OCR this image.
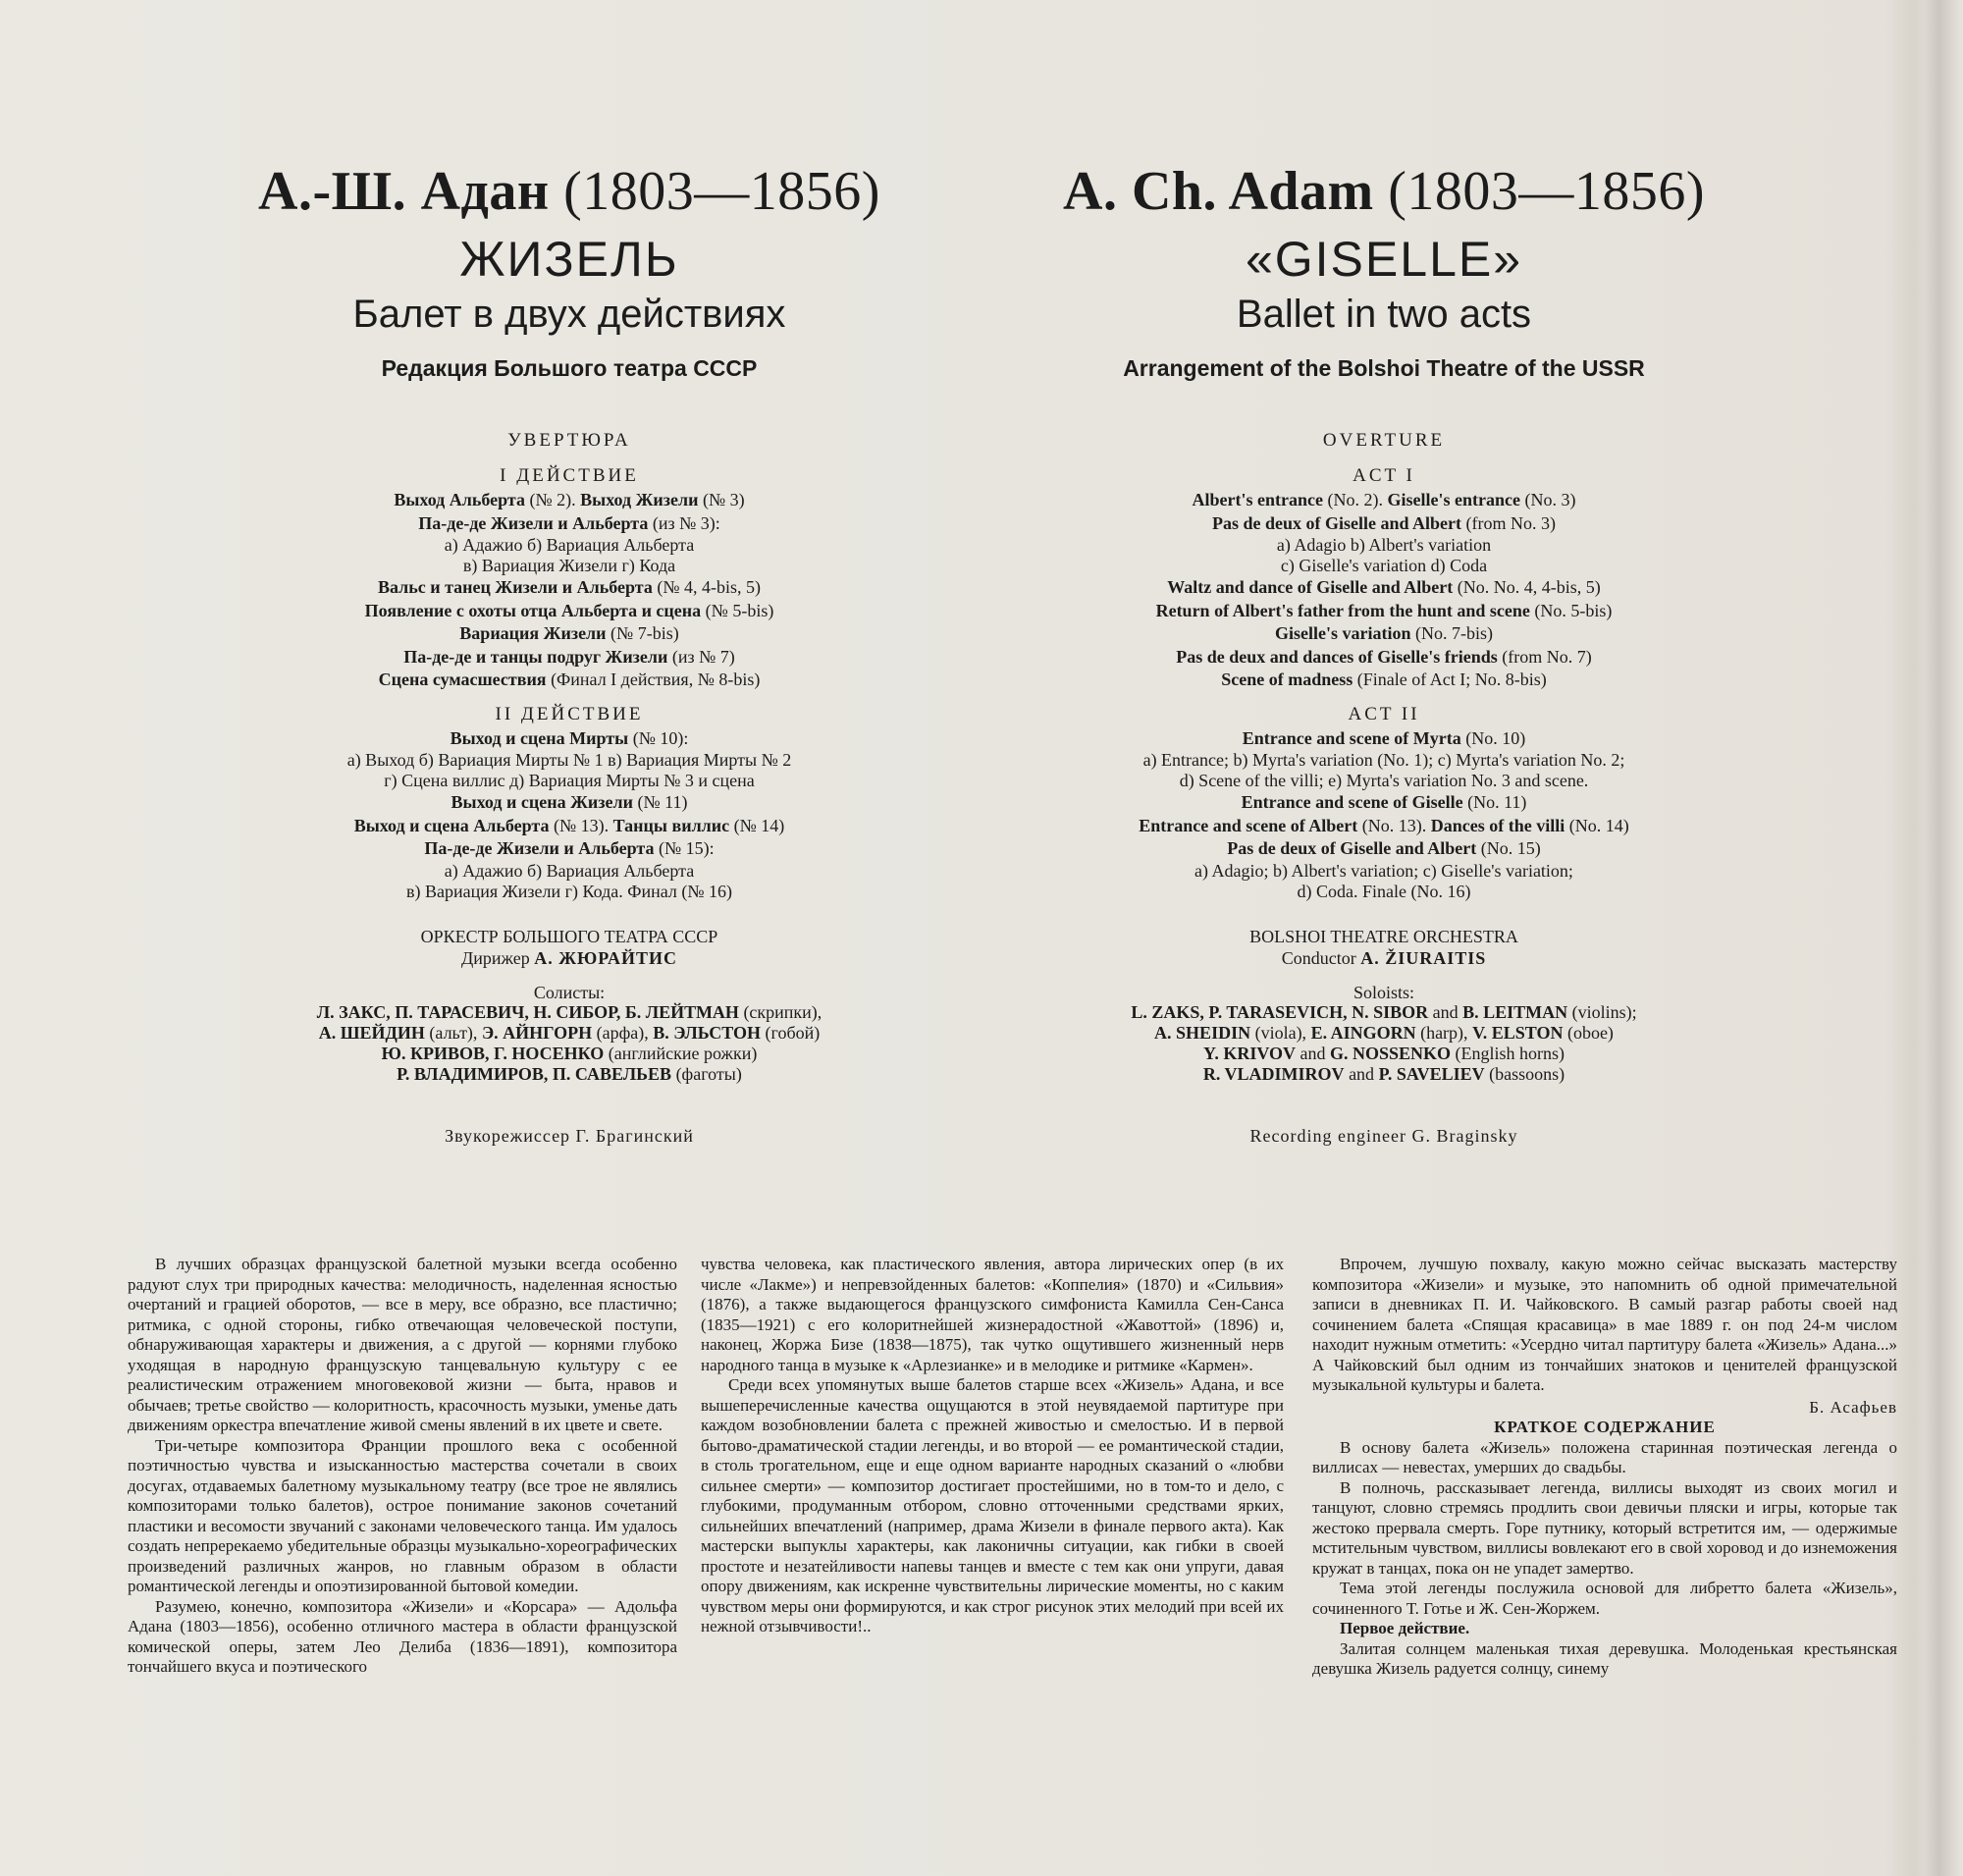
А.-Ш. Адан (1803—1856)
ЖИЗЕЛЬ
Балет в двух действиях
Редакция Большого театра СССР
УВЕРТЮРА
I ДЕЙСТВИЕ
Выход Альберта (№ 2). Выход Жизели (№ 3)
Па-де-де Жизели и Альберта (из № 3):
а) Адажио б) Вариация Альберта
в) Вариация Жизели г) Кода
Вальс и танец Жизели и Альберта (№ 4, 4-bis, 5)
Появление с охоты отца Альберта и сцена (№ 5-bis)
Вариация Жизели (№ 7-bis)
Па-де-де и танцы подруг Жизели (из № 7)
Сцена сумасшествия (Финал I действия, № 8-bis)
II ДЕЙСТВИЕ
Выход и сцена Мирты (№ 10):
а) Выход б) Вариация Мирты № 1 в) Вариация Мирты № 2
г) Сцена виллис д) Вариация Мирты № 3 и сцена
Выход и сцена Жизели (№ 11)
Выход и сцена Альберта (№ 13). Танцы виллис (№ 14)
Па-де-де Жизели и Альберта (№ 15):
а) Адажио б) Вариация Альберта
в) Вариация Жизели г) Кода. Финал (№ 16)
ОРКЕСТР БОЛЬШОГО ТЕАТРА СССР
Дирижер А. ЖЮРАЙТИС
Солисты:
Л. ЗАКС, П. ТАРАСЕВИЧ, Н. СИБОР, Б. ЛЕЙТМАН (скрипки),
А. ШЕЙДИН (альт), Э. АЙНГОРН (арфа), В. ЭЛЬСТОН (гобой)
Ю. КРИВОВ, Г. НОСЕНКО (английские рожки)
Р. ВЛАДИМИРОВ, П. САВЕЛЬЕВ (фаготы)
Звукорежиссер Г. Брагинский
A. Ch. Adam (1803—1856)
«GISELLE»
Ballet in two acts
Arrangement of the Bolshoi Theatre of the USSR
OVERTURE
ACT I
Albert's entrance (No. 2). Giselle's entrance (No. 3)
Pas de deux of Giselle and Albert (from No. 3)
a) Adagio b) Albert's variation
c) Giselle's variation d) Coda
Waltz and dance of Giselle and Albert (No. No. 4, 4-bis, 5)
Return of Albert's father from the hunt and scene (No. 5-bis)
Giselle's variation (No. 7-bis)
Pas de deux and dances of Giselle's friends (from No. 7)
Scene of madness (Finale of Act I; No. 8-bis)
ACT II
Entrance and scene of Myrta (No. 10)
a) Entrance; b) Myrta's variation (No. 1); c) Myrta's variation No. 2;
d) Scene of the villi; e) Myrta's variation No. 3 and scene.
Entrance and scene of Giselle (No. 11)
Entrance and scene of Albert (No. 13). Dances of the villi (No. 14)
Pas de deux of Giselle and Albert (No. 15)
a) Adagio; b) Albert's variation; c) Giselle's variation;
d) Coda. Finale (No. 16)
BOLSHOI THEATRE ORCHESTRA
Conductor A. ŽIURAITIS
Soloists:
L. ZAKS, P. TARASEVICH, N. SIBOR and B. LEITMAN (violins);
A. SHEIDIN (viola), E. AINGORN (harp), V. ELSTON (oboe)
Y. KRIVOV and G. NOSSENKO (English horns)
R. VLADIMIROV and P. SAVELIEV (bassoons)
Recording engineer G. Braginsky

В лучших образцах французской балетной музыки всегда особенно радуют слух три природных качества: мелодичность, наделенная ясностью очертаний и грацией оборотов, — все в меру, все образно, все пластично; ритмика, с одной стороны, гибко отвечающая человеческой поступи, обнаруживающая характеры и движения, а с другой — корнями глубоко уходящая в народную французскую танцевальную культуру с ее реалистическим отражением многовековой жизни — быта, нравов и обычаев; третье свойство — колоритность, красочность музыки, уменье дать движениям оркестра впечатление живой смены явлений в их цвете и свете.

Три-четыре композитора Франции прошлого века с особенной поэтичностью чувства и изысканностью мастерства сочетали в своих досугах, отдаваемых балетному музыкальному театру (все трое не являлись композиторами только балетов), острое понимание законов сочетаний пластики и весомости звучаний с законами человеческого танца. Им удалось создать непререкаемо убедительные образцы музыкально-хореографических произведений различных жанров, но главным образом в области романтической легенды и опоэтизированной бытовой комедии.

Разумею, конечно, композитора «Жизели» и «Корсара» — Адольфа Адана (1803—1856), особенно отличного мастера в области французской комической оперы, затем Лео Делиба (1836—1891), композитора тончайшего вкуса и поэтического

чувства человека, как пластического явления, автора лирических опер (в их числе «Лакме») и непревзойденных балетов: «Коппелия» (1870) и «Сильвия» (1876), а также выдающегося французского симфониста Камилла Сен-Санса (1835—1921) с его колоритнейшей жизнерадостной «Жавоттой» (1896) и, наконец, Жоржа Бизе (1838—1875), так чутко ощутившего жизненный нерв народного танца в музыке к «Арлезианке» и в мелодике и ритмике «Кармен».

Среди всех упомянутых выше балетов старше всех «Жизель» Адана, и все вышеперечисленные качества ощущаются в этой неувядаемой партитуре при каждом возобновлении балета с прежней живостью и смелостью. И в первой бытово-драматической стадии легенды, и во второй — ее романтической стадии, в столь трогательном, еще и еще одном варианте народных сказаний о «любви сильнее смерти» — композитор достигает простейшими, но в том-то и дело, с глубокими, продуманным отбором, словно отточенными средствами ярких, сильнейших впечатлений (например, драма Жизели в финале первого акта). Как мастерски выпуклы характеры, как лаконичны ситуации, как гибки в своей простоте и незатейливости напевы танцев и вместе с тем как они упруги, давая опору движениям, как искренне чувствительны лирические моменты, но с каким чувством меры они формируются, и как строг рисунок этих мелодий при всей их нежной отзывчивости!..

Впрочем, лучшую похвалу, какую можно сейчас высказать мастерству композитора «Жизели» и музыке, это напомнить об одной примечательной записи в дневниках П. И. Чайковского. В самый разгар работы своей над сочинением балета «Спящая красавица» в мае 1889 г. он под 24-м числом находит нужным отметить: «Усердно читал партитуру балета «Жизель» Адана...» А Чайковский был одним из тончайших знатоков и ценителей французской музыкальной культуры и балета.

Б. Асафьев
КРАТКОЕ СОДЕРЖАНИЕ

В основу балета «Жизель» положена старинная поэтическая легенда о виллисах — невестах, умерших до свадьбы.

В полночь, рассказывает легенда, виллисы выходят из своих могил и танцуют, словно стремясь продлить свои девичьи пляски и игры, которые так жестоко прервала смерть. Горе путнику, который встретится им, — одержимые мстительным чувством, виллисы вовлекают его в свой хоровод и до изнеможения кружат в танцах, пока он не упадет замертво.

Тема этой легенды послужила основой для либретто балета «Жизель», сочиненного Т. Готье и Ж. Сен-Жоржем.

Первое действие.

Залитая солнцем маленькая тихая деревушка. Молоденькая крестьянская девушка Жизель радуется солнцу, синему
